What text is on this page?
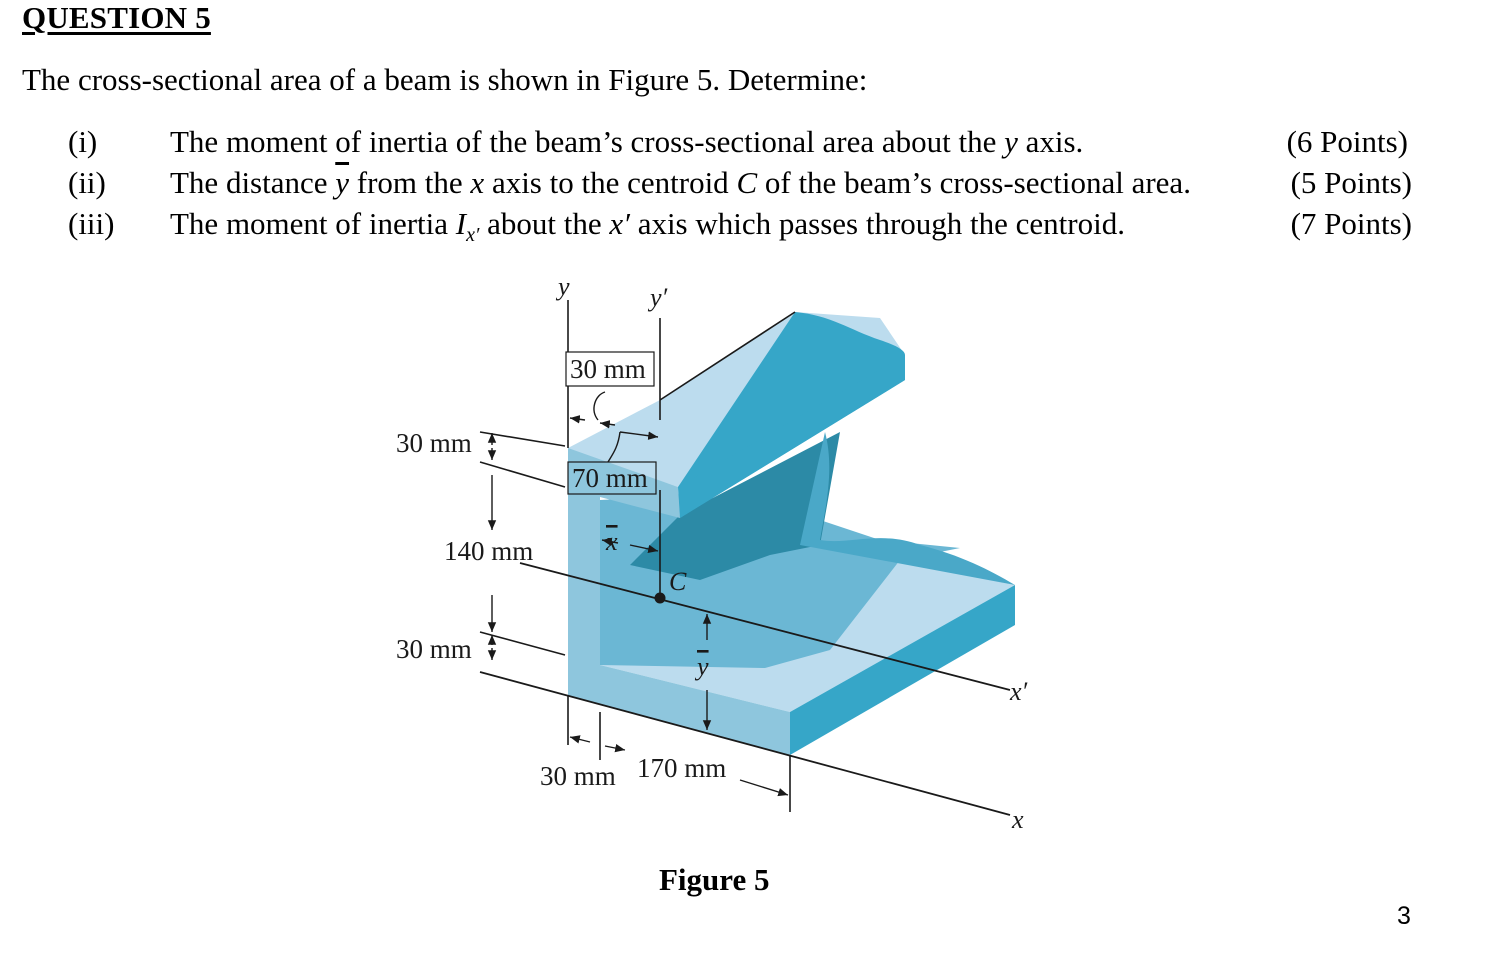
QUESTION 5
The cross-sectional area of a beam is shown in Figure 5. Determine:
(i) The moment of inertia of the beam’s cross-sectional area about the y axis.	(6 Points)
(ii) The distance $\overline{y}$ from the x axis to the centroid C of the beam’s cross-sectional area.	(5 Points)
(iii) The moment of inertia $I_{x'}$ about the x′ axis which passes through the centroid.	(7 Points)
y	y′
x′
x
C
x
y
30 mm
30 mm
70 mm
140 mm
30 mm
30 mm 170 mm
Figure 5
3
